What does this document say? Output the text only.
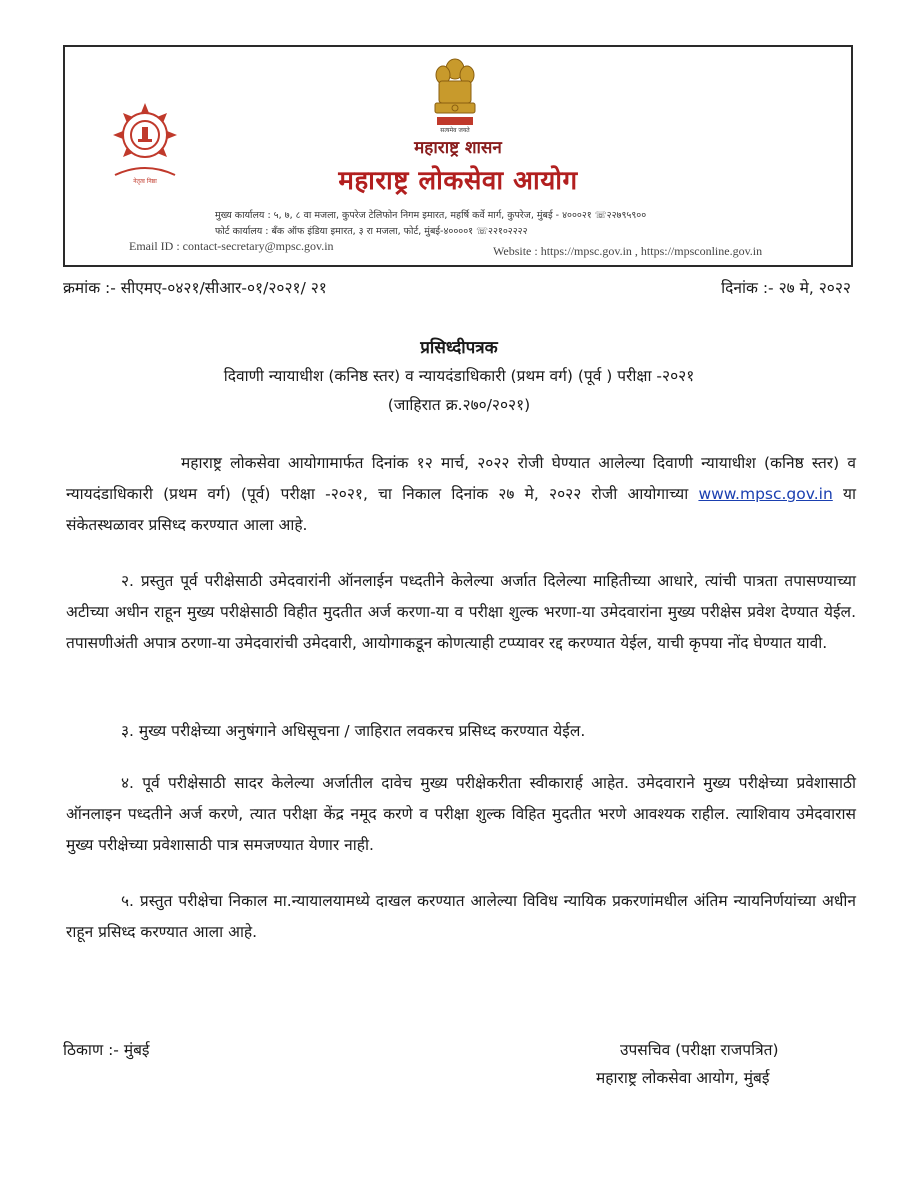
नेतृत्व निष्ठा
सत्यमेव जयते
महाराष्ट्र शासन
महाराष्ट्र लोकसेवा आयोग
मुख्य कार्यालय : ५, ७, ८ वा मजला, कुपरेज टेलिफोन निगम इमारत, महर्षि कर्वे मार्ग, कुपरेज, मुंबई - ४०००२१ ☏२२७९५९००
फोर्ट कार्यालय : बँक ऑफ इंडिया इमारत, ३ रा मजला, फोर्ट, मुंबई-४००००१ ☏२२१०२२२२
Email ID : contact-secretary@mpsc.gov.in	Website : https://mpsc.gov.in , https://mpsconline.gov.in
क्रमांक :- सीएमए-०४२१/सीआर-०१/२०२१/ २१	दिनांक :- २७ मे, २०२२
प्रसिध्दीपत्रक
दिवाणी न्यायाधीश (कनिष्ठ स्तर) व न्यायदंडाधिकारी (प्रथम वर्ग) (पूर्व ) परीक्षा -२०२१
(जाहिरात क्र.२७०/२०२१)

महाराष्ट्र लोकसेवा आयोगामार्फत दिनांक १२ मार्च, २०२२ रोजी घेण्यात आलेल्या दिवाणी न्यायाधीश (कनिष्ठ स्तर) व न्यायदंडाधिकारी (प्रथम वर्ग) (पूर्व) परीक्षा -२०२१, चा निकाल दिनांक २७ मे, २०२२ रोजी आयोगाच्या www.mpsc.gov.in या संकेतस्थळावर प्रसिध्द करण्यात आला आहे.

२. प्रस्तुत पूर्व परीक्षेसाठी उमेदवारांनी ऑनलाईन पध्दतीने केलेल्या अर्जात दिलेल्या माहितीच्या आधारे, त्यांची पात्रता तपासण्याच्या अटीच्या अधीन राहून मुख्य परीक्षेसाठी विहीत मुदतीत अर्ज करणा-या व परीक्षा शुल्क भरणा-या उमेदवारांना मुख्य परीक्षेस प्रवेश देण्यात येईल. तपासणीअंती अपात्र ठरणा-या उमेदवारांची उमेदवारी, आयोगाकडून कोणत्याही टप्प्यावर रद्द करण्यात येईल, याची कृपया नोंद घेण्यात यावी.

३. मुख्य परीक्षेच्या अनुषंगाने अधिसूचना / जाहिरात लवकरच प्रसिध्द करण्यात येईल.

४. पूर्व परीक्षेसाठी सादर केलेल्या अर्जातील दावेच मुख्य परीक्षेकरीता स्वीकारार्ह आहेत. उमेदवाराने मुख्य परीक्षेच्या प्रवेशासाठी ऑनलाइन पध्दतीने अर्ज करणे, त्यात परीक्षा केंद्र नमूद करणे व परीक्षा शुल्क विहित मुदतीत भरणे आवश्यक राहील. त्याशिवाय उमेदवारास मुख्य परीक्षेच्या प्रवेशासाठी पात्र समजण्यात येणार नाही.

५. प्रस्तुत परीक्षेचा निकाल मा.न्यायालयामध्ये दाखल करण्यात आलेल्या विविध न्यायिक प्रकरणांमधील अंतिम न्यायनिर्णयांच्या अधीन राहून प्रसिध्द करण्यात आला आहे.

ठिकाण :- मुंबई	उपसचिव (परीक्षा राजपत्रित)
महाराष्ट्र लोकसेवा आयोग, मुंबई
